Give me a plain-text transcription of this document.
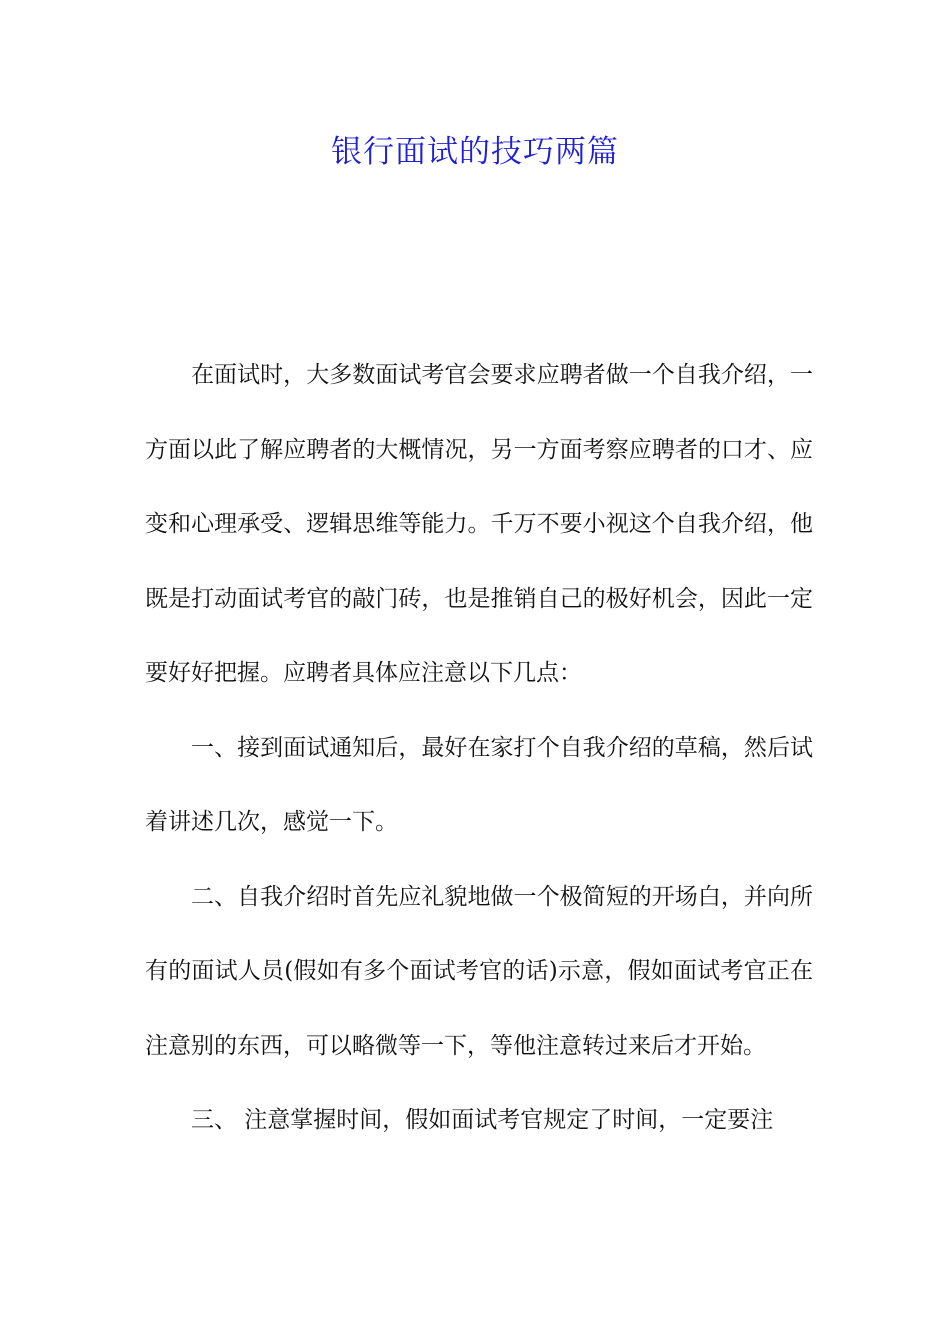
银行面试的技巧两篇

在面试时，大多数面试考官会要求应聘者做一个自我介绍，一方面以此了解应聘者的大概情况，另一方面考察应聘者的口才、应变和心理承受、逻辑思维等能力。千万不要小视这个自我介绍，他既是打动面试考官的敲门砖，也是推销自己的极好机会，因此一定要好好把握。应聘者具体应注意以下几点：

一、接到面试通知后，最好在家打个自我介绍的草稿，然后试着讲述几次，感觉一下。

二、自我介绍时首先应礼貌地做一个极简短的开场白，并向所有的面试人员(假如有多个面试考官的话)示意，假如面试考官正在注意别的东西，可以略微等一下，等他注意转过来后才开始。

三、 注意掌握时间，假如面试考官规定了时间，一定要注
